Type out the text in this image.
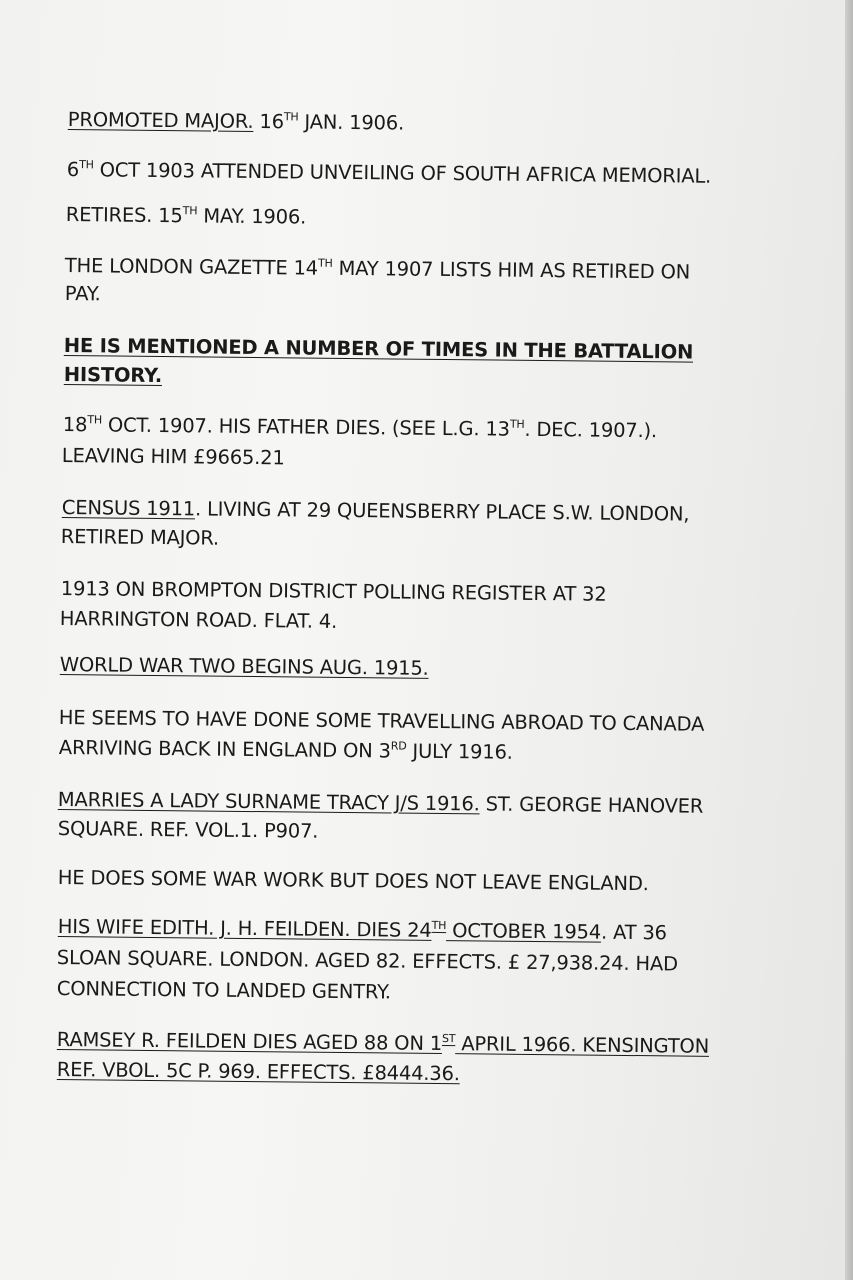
PROMOTED MAJOR. 16TH JAN. 1906.
6TH OCT 1903 ATTENDED UNVEILING OF SOUTH AFRICA MEMORIAL.
RETIRES. 15TH MAY. 1906.
THE LONDON GAZETTE 14TH MAY 1907 LISTS HIM AS RETIRED ON
PAY.
HE IS MENTIONED A NUMBER OF TIMES IN THE BATTALION
HISTORY.
18TH OCT. 1907. HIS FATHER DIES. (SEE L.G. 13TH. DEC. 1907.).
LEAVING HIM £9665.21
CENSUS 1911. LIVING AT 29 QUEENSBERRY PLACE S.W. LONDON,
RETIRED MAJOR.
1913 ON BROMPTON DISTRICT POLLING REGISTER AT 32
HARRINGTON ROAD. FLAT. 4.
WORLD WAR TWO BEGINS AUG. 1915.
HE SEEMS TO HAVE DONE SOME TRAVELLING ABROAD TO CANADA
ARRIVING BACK IN ENGLAND ON 3RD JULY 1916.
MARRIES A LADY SURNAME TRACY J/S 1916. ST. GEORGE HANOVER
SQUARE. REF. VOL.1. P907.
HE DOES SOME WAR WORK BUT DOES NOT LEAVE ENGLAND.
HIS WIFE EDITH. J. H. FEILDEN. DIES 24TH OCTOBER 1954. AT 36
SLOAN SQUARE. LONDON. AGED 82. EFFECTS. £ 27,938.24. HAD
CONNECTION TO LANDED GENTRY.
RAMSEY R. FEILDEN DIES AGED 88 ON 1ST APRIL 1966. KENSINGTON
REF. VBOL. 5C P. 969. EFFECTS. £8444.36.
